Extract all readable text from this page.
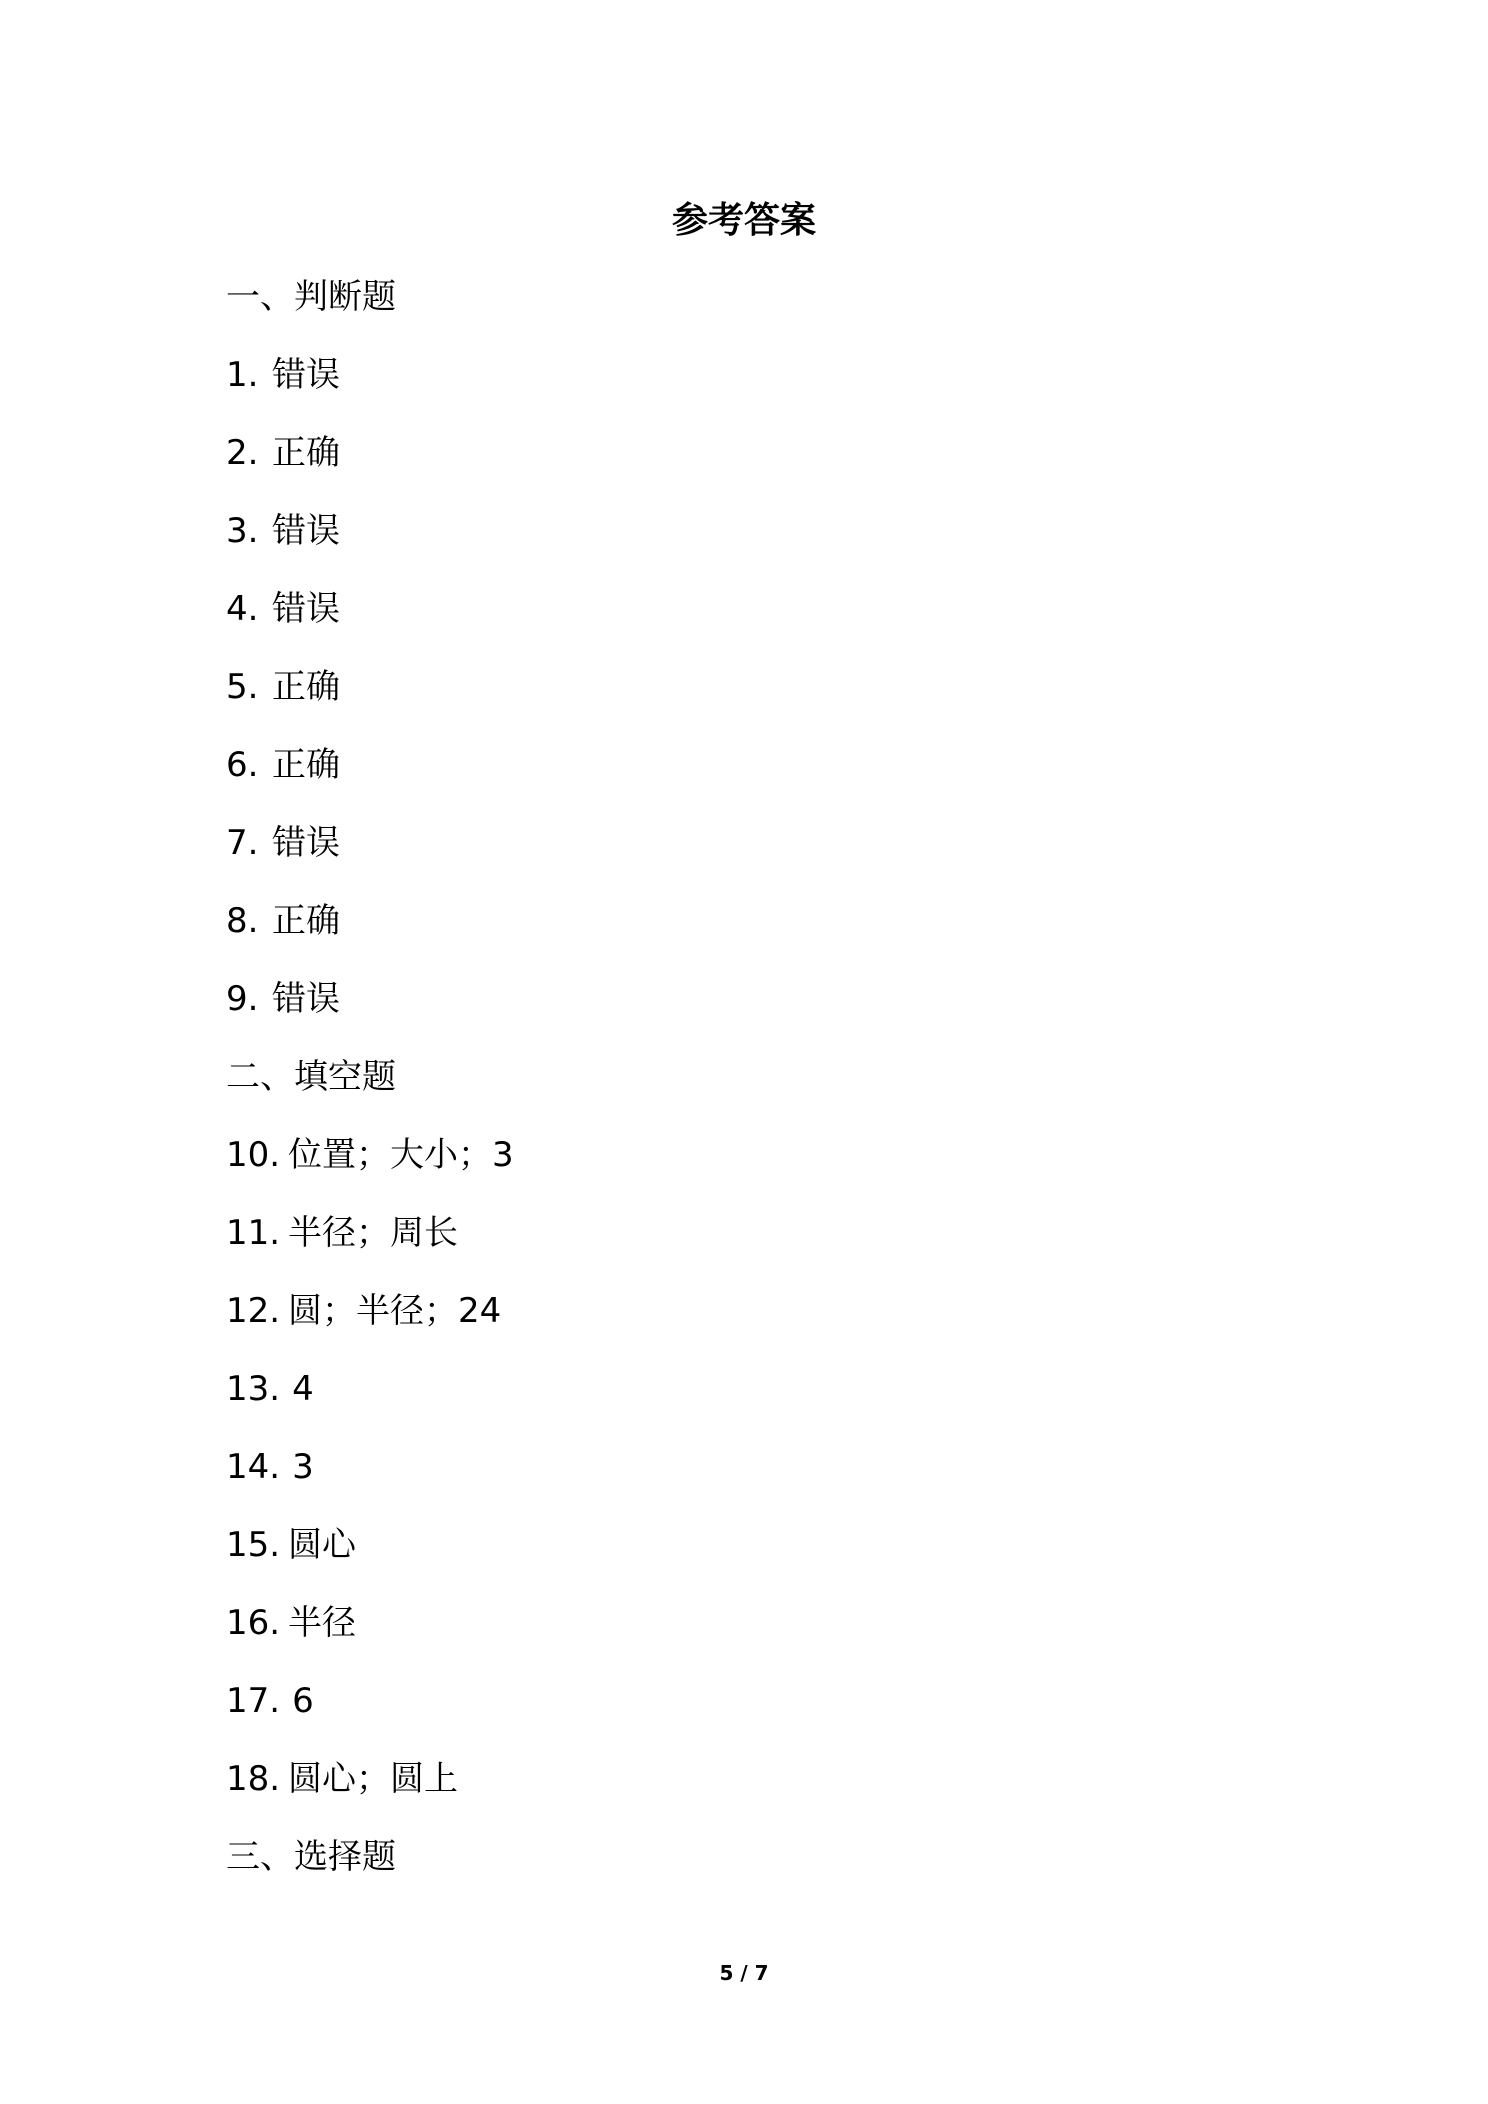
参考答案
一、判断题
1. 错误
2. 正确
3. 错误
4. 错误
5. 正确
6. 正确
7. 错误
8. 正确
9. 错误
二、填空题
10. 位置；大小；3
11. 半径；周长
12. 圆；半径；24
13. 4
14. 3
15. 圆心
16. 半径
17. 6
18. 圆心；圆上
三、选择题
5 / 7
